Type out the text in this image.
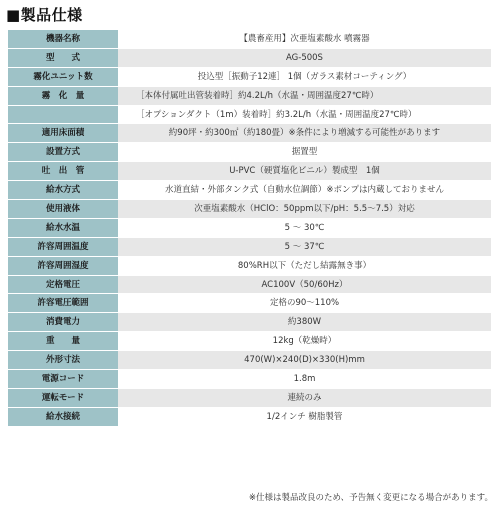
■製品仕様
機器名称	【農畜産用】次亜塩素酸水 噴霧器
型　　式	AG-500S
霧化ユニット数	投込型［振動子12連］ 1個（ガラス素材コーティング）
霧　化　量	［本体付属吐出管装着時］約4.2L/h（水温・周囲温度27℃時）
	［オプションダクト（1m）装着時］約3.2L/h（水温・周囲温度27℃時）
適用床面積	約90坪・約300㎡（約180畳）※条件により増減する可能性があります
設置方式	据置型
吐　出　管	U-PVC（硬質塩化ビニル）製成型　1個
給水方式	水道直結・外部タンク式（自動水位調節）※ポンプは内蔵しておりません
使用液体	次亜塩素酸水（HClO：50ppm以下/pH：5.5〜7.5）対応
給水水温	5 〜 30℃
許容周囲温度	5 〜 37℃
許容周囲湿度	80%RH以下（ただし結露無き事）
定格電圧	AC100V（50/60Hz）
許容電圧範囲	定格の90〜110%
消費電力	約380W
重　　量	12kg（乾燥時）
外形寸法	470(W)×240(D)×330(H)mm
電源コード	1.8m
運転モード	連続のみ
給水接続	1/2インチ 樹脂製管
※仕様は製品改良のため、予告無く変更になる場合があります。
